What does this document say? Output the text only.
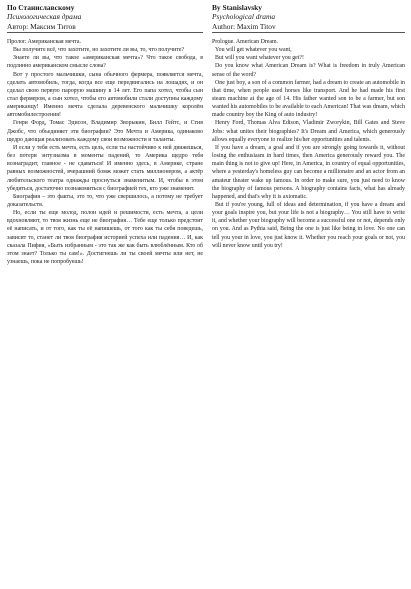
По Станиславскому
Психологическая драма
Автор: Максим Титов

Пролог. Американская мечта.

Вы получите всё, что захотите, но захотите ли вы, то, что получите?

Знаете ли вы, что такое «американская мечта»? Что такое свобода, в подлинно американском смысле слова?

Вот у простого мальчишки, сына обычного фермера, появляется мечта, сделать автомобиль, тогда, когда все еще передвигались на лошадях, и он сделал свою первую парорую машину в 14 лет. Его папа хотел, чтобы сын стал фермером, а сын хотел, чтобы его автомобили стали доступны каждому американцу! Именно мечта сделала деревенского мальчишку королём автомобилестроения!

Генри Форд, Томас Эдисон, Владимир Зворыкин, Билл Гейтс, и Стив Джобс, что объединяет эти биографии? Это Мечта и Америка, одинаково щедро дающая реализовать каждому свои возможности и таланты.

И если у тебя есть мечта, есть цель, если ты настойчиво к ней движешься, без потери энтузиазма в моменты падений, то Америка щедро тебя вознаградит, главное - не сдаваться! И именно здесь, в Америке, стране равных возможностей, вчерашний бомж может стать миллионером, а актёр любительского театра однажды проснуться знаменитым. И, чтобы в этом убедиться, достаточно познакомиться с биографией тех, кто уже знаменит.

Биография – это факты, это то, что уже свершилось, а потому не требует доказательств.

Но, если ты еще молод, полон идей и решимости, есть мечта, а цели вдохновляют, то твоя жизнь еще не биография… Тебе еще только предстоит её написать, и от того, как ты её напишешь, от того как ты себя поведешь, зависит то, станет ли твоя биография историей успеха или падения… И, как сказала Пифия, «Быть избранным - это так же как быть влюблённым. Кто об этом знает? Только ты сам!». Достигнешь ли ты своей мечты или нет, не узнаешь, пока не попробуешь!

By Stanislavsky
Psychological drama
Author: Maxim Titov

Prologue. American Dream.

You will get whatever you want,

But will you want whatever you get?!

Do you know what American Dream is? What is freedom in truly American sense of the word?

One just boy, a son of a common farmer, had a dream to create an automobile in that time, when people used horses like transport. And he had made his first steam machine at the age of 14. His father wanted son to be a farmer, but son wanted his automobiles to be available to each American! That was dream, which made country boy the King of auto industry!

Henry Ford, Thomas Alva Edison, Vladimir Zworykin, Bill Gates and Steve Jobs: what unites their biographies? It's Dream and America, which generously allows equally everyone to realize his/her opportunities and talents.

If you have a dream, a goal and if you are strongly going towards it, without losing the enthusiasm in hard times, then America generously reward you. The main thing is not to give up! Here, in America, in country of equal opportunities, where a yesterday's homeless guy can become a millionaire and an actor from an amateur theater wake up famous. In order to make sure, you just need to know the biography of famous persons. A biography contains facts, what has already happened, and that's why it is axiomatic.

But if you're young, full of ideas and determination, if you have a dream and your goals inspire you, but your life is not a biography… You still have to write it, and whether your biography will become a successful one or not, depends only on you. And as Pythia said, Being the one is just like being in love. No one can tell you your in love, you just know it. Whether you reach your goals or not, you will never know until you try!
